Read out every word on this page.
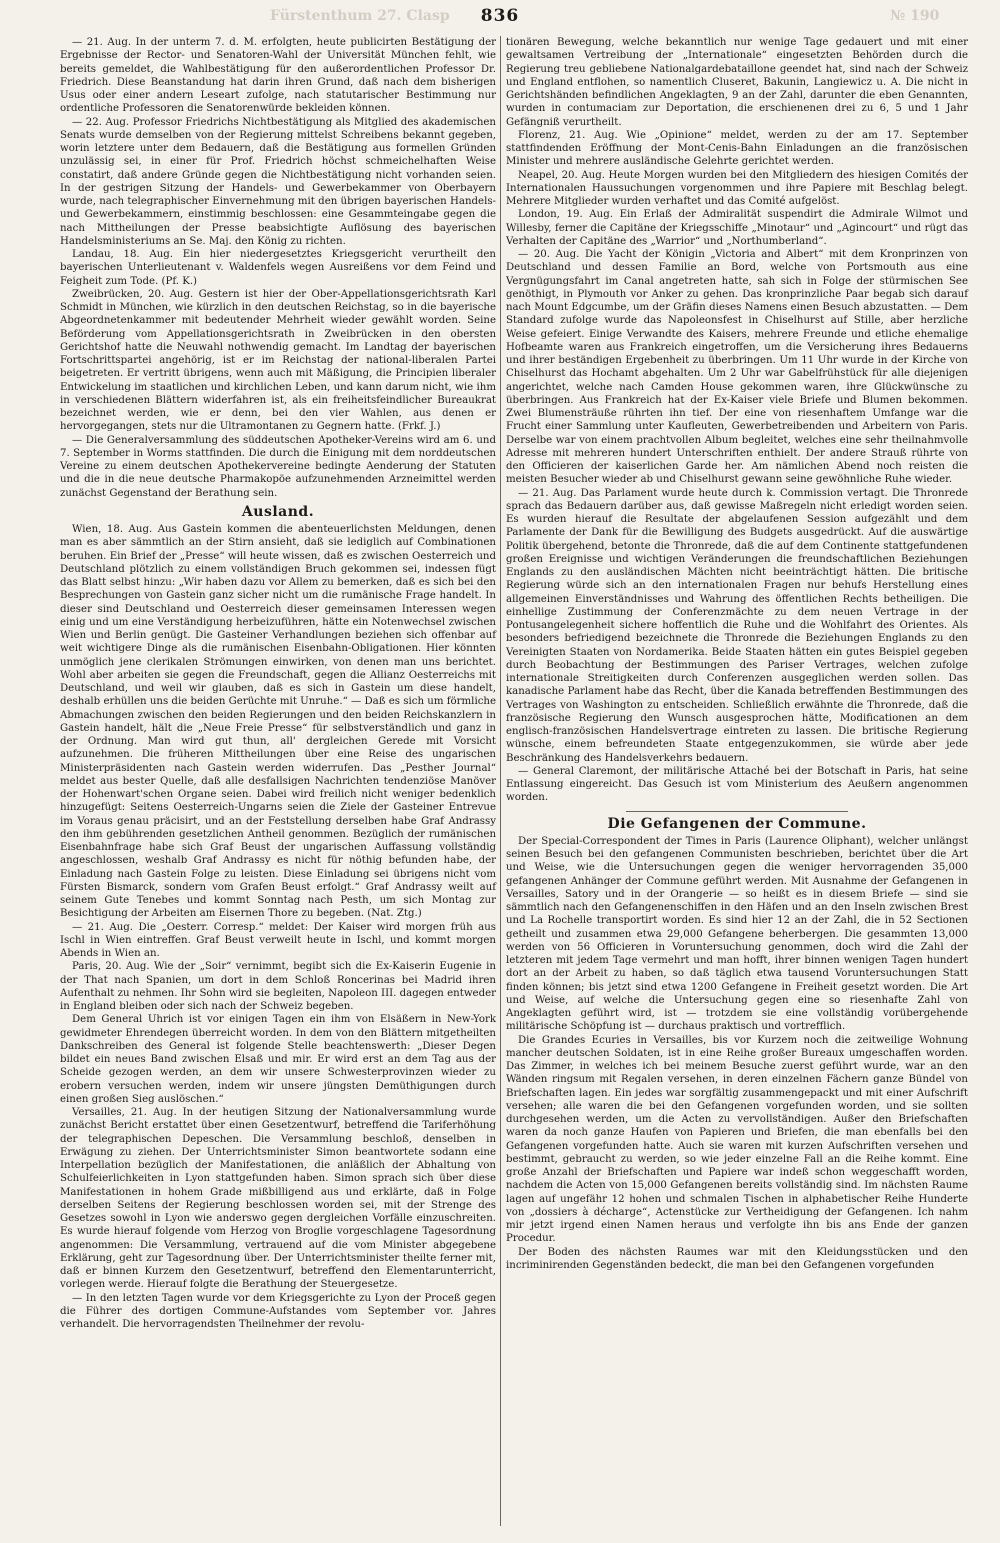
Fürstenthum 27. Clasp	№ 190
836

— 21. Aug. In der unterm 7. d. M. erfolgten, heute publicirten Bestätigung der Ergebnisse der Rector- und Senatoren-Wahl der Universität München fehlt, wie bereits gemeldet, die Wahlbestätigung für den außerordentlichen Professor Dr. Friedrich. Diese Beanstandung hat darin ihren Grund, daß nach dem bisherigen Usus oder einer andern Leseart zufolge, nach statutarischer Bestimmung nur ordentliche Professoren die Senatorenwürde bekleiden können.

— 22. Aug. Professor Friedrichs Nichtbestätigung als Mitglied des akademischen Senats wurde demselben von der Regierung mittelst Schreibens bekannt gegeben, worin letztere unter dem Bedauern, daß die Bestätigung aus formellen Gründen unzulässig sei, in einer für Prof. Friedrich höchst schmeichelhaften Weise constatirt, daß andere Gründe gegen die Nichtbestätigung nicht vorhanden seien. In der gestrigen Sitzung der Handels- und Gewerbekammer von Oberbayern wurde, nach telegraphischer Einvernehmung mit den übrigen bayerischen Handels- und Gewerbekammern, einstimmig beschlossen: eine Gesammteingabe gegen die nach Mittheilungen der Presse beabsichtigte Auflösung des bayerischen Handelsministeriums an Se. Maj. den König zu richten.

Landau, 18. Aug. Ein hier niedergesetztes Kriegsgericht verurtheilt den bayerischen Unterlieutenant v. Waldenfels wegen Ausreißens vor dem Feind und Feigheit zum Tode. (Pf. K.)

Zweibrücken, 20. Aug. Gestern ist hier der Ober-Appellationsgerichtsrath Karl Schmidt in München, wie kürzlich in den deutschen Reichstag, so in die bayerische Abgeordnetenkammer mit bedeutender Mehrheit wieder gewählt worden. Seine Beförderung vom Appellationsgerichtsrath in Zweibrücken in den obersten Gerichtshof hatte die Neuwahl nothwendig gemacht. Im Landtag der bayerischen Fortschrittspartei angehörig, ist er im Reichstag der national-liberalen Partei beigetreten. Er vertritt übrigens, wenn auch mit Mäßigung, die Principien liberaler Entwickelung im staatlichen und kirchlichen Leben, und kann darum nicht, wie ihm in verschiedenen Blättern widerfahren ist, als ein freiheitsfeindlicher Bureaukrat bezeichnet werden, wie er denn, bei den vier Wahlen, aus denen er hervorgegangen, stets nur die Ultramontanen zu Gegnern hatte. (Frkf. J.)

— Die Generalversammlung des süddeutschen Apotheker-Vereins wird am 6. und 7. September in Worms stattfinden. Die durch die Einigung mit dem norddeutschen Vereine zu einem deutschen Apothekervereine bedingte Aenderung der Statuten und die in die neue deutsche Pharmakopöe aufzunehmenden Arzneimittel werden zunächst Gegenstand der Berathung sein.

Ausland.

Wien, 18. Aug. Aus Gastein kommen die abenteuerlichsten Meldungen, denen man es aber sämmtlich an der Stirn ansieht, daß sie lediglich auf Combinationen beruhen. Ein Brief der „Presse“ will heute wissen, daß es zwischen Oesterreich und Deutschland plötzlich zu einem vollständigen Bruch gekommen sei, indessen fügt das Blatt selbst hinzu: „Wir haben dazu vor Allem zu bemerken, daß es sich bei den Besprechungen von Gastein ganz sicher nicht um die rumänische Frage handelt. In dieser sind Deutschland und Oesterreich dieser gemeinsamen Interessen wegen einig und um eine Verständigung herbeizuführen, hätte ein Notenwechsel zwischen Wien und Berlin genügt. Die Gasteiner Verhandlungen beziehen sich offenbar auf weit wichtigere Dinge als die rumänischen Eisenbahn-Obligationen. Hier könnten unmöglich jene clerikalen Strömungen einwirken, von denen man uns berichtet. Wohl aber arbeiten sie gegen die Freundschaft, gegen die Allianz Oesterreichs mit Deutschland, und weil wir glauben, daß es sich in Gastein um diese handelt, deshalb erhüllen uns die beiden Gerüchte mit Unruhe.“ — Daß es sich um förmliche Abmachungen zwischen den beiden Regierungen und den beiden Reichskanzlern in Gastein handelt, hält die „Neue Freie Presse“ für selbstverständlich und ganz in der Ordnung. Man wird gut thun, all' dergleichen Gerede mit Vorsicht aufzunehmen. Die früheren Mittheilungen über eine Reise des ungarischen Ministerpräsidenten nach Gastein werden widerrufen. Das „Pesther Journal“ meldet aus bester Quelle, daß alle desfallsigen Nachrichten tendenziöse Manöver der Hohenwart'schen Organe seien. Dabei wird freilich nicht weniger bedenklich hinzugefügt: Seitens Oesterreich-Ungarns seien die Ziele der Gasteiner Entrevue im Voraus genau präcisirt, und an der Feststellung derselben habe Graf Andrassy den ihm gebührenden gesetzlichen Antheil genommen. Bezüglich der rumänischen Eisenbahnfrage habe sich Graf Beust der ungarischen Auffassung vollständig angeschlossen, weshalb Graf Andrassy es nicht für nöthig befunden habe, der Einladung nach Gastein Folge zu leisten. Diese Einladung sei übrigens nicht vom Fürsten Bismarck, sondern vom Grafen Beust erfolgt.“ Graf Andrassy weilt auf seinem Gute Tenebes und kommt Sonntag nach Pesth, um sich Montag zur Besichtigung der Arbeiten am Eisernen Thore zu begeben. (Nat. Ztg.)

— 21. Aug. Die „Oesterr. Corresp.“ meldet: Der Kaiser wird morgen früh aus Ischl in Wien eintreffen. Graf Beust verweilt heute in Ischl, und kommt morgen Abends in Wien an.

Paris, 20. Aug. Wie der „Soir“ vernimmt, begibt sich die Ex-Kaiserin Eugenie in der That nach Spanien, um dort in dem Schloß Roncerinas bei Madrid ihren Aufenthalt zu nehmen. Ihr Sohn wird sie begleiten, Napoleon III. dagegen entweder in England bleiben oder sich nach der Schweiz begeben.

Dem General Uhrich ist vor einigen Tagen ein ihm von Elsäßern in New-York gewidmeter Ehrendegen überreicht worden. In dem von den Blättern mitgetheilten Dankschreiben des General ist folgende Stelle beachtenswerth: „Dieser Degen bildet ein neues Band zwischen Elsaß und mir. Er wird erst an dem Tag aus der Scheide gezogen werden, an dem wir unsere Schwesterprovinzen wieder zu erobern versuchen werden, indem wir unsere jüngsten Demüthigungen durch einen großen Sieg auslöschen.“

Versailles, 21. Aug. In der heutigen Sitzung der Nationalversammlung wurde zunächst Bericht erstattet über einen Gesetzentwurf, betreffend die Tariferhöhung der telegraphischen Depeschen. Die Versammlung beschloß, denselben in Erwägung zu ziehen. Der Unterrichtsminister Simon beantwortete sodann eine Interpellation bezüglich der Manifestationen, die anläßlich der Abhaltung von Schulfeierlichkeiten in Lyon stattgefunden haben. Simon sprach sich über diese Manifestationen in hohem Grade mißbilligend aus und erklärte, daß in Folge derselben Seitens der Regierung beschlossen worden sei, mit der Strenge des Gesetzes sowohl in Lyon wie anderswo gegen dergleichen Vorfälle einzuschreiten. Es wurde hierauf folgende vom Herzog von Broglie vorgeschlagene Tagesordnung angenommen: Die Versammlung, vertrauend auf die vom Minister abgegebene Erklärung, geht zur Tagesordnung über. Der Unterrichtsminister theilte ferner mit, daß er binnen Kurzem den Gesetzentwurf, betreffend den Elementarunterricht, vorlegen werde. Hierauf folgte die Berathung der Steuergesetze.

— In den letzten Tagen wurde vor dem Kriegsgerichte zu Lyon der Proceß gegen die Führer des dortigen Commune-Aufstandes vom September vor. Jahres verhandelt. Die hervorragendsten Theilnehmer der revolu-

tionären Bewegung, welche bekanntlich nur wenige Tage gedauert und mit einer gewaltsamen Vertreibung der „Internationale“ eingesetzten Behörden durch die Regierung treu gebliebene Nationalgardebataillone geendet hat, sind nach der Schweiz und England entflohen, so namentlich Cluseret, Bakunin, Langiewicz u. A. Die nicht in Gerichtshänden befindlichen Angeklagten, 9 an der Zahl, darunter die eben Genannten, wurden in contumaciam zur Deportation, die erschienenen drei zu 6, 5 und 1 Jahr Gefängniß verurtheilt.

Florenz, 21. Aug. Wie „Opinione“ meldet, werden zu der am 17. September stattfindenden Eröffnung der Mont-Cenis-Bahn Einladungen an die französischen Minister und mehrere ausländische Gelehrte gerichtet werden.

Neapel, 20. Aug. Heute Morgen wurden bei den Mitgliedern des hiesigen Comités der Internationalen Haussuchungen vorgenommen und ihre Papiere mit Beschlag belegt. Mehrere Mitglieder wurden verhaftet und das Comité aufgelöst.

London, 19. Aug. Ein Erlaß der Admiralität suspendirt die Admirale Wilmot und Willesby, ferner die Capitäne der Kriegsschiffe „Minotaur“ und „Agincourt“ und rügt das Verhalten der Capitäne des „Warrior“ und „Northumberland“.

— 20. Aug. Die Yacht der Königin „Victoria and Albert“ mit dem Kronprinzen von Deutschland und dessen Familie an Bord, welche von Portsmouth aus eine Vergnügungsfahrt im Canal angetreten hatte, sah sich in Folge der stürmischen See genöthigt, in Plymouth vor Anker zu gehen. Das kronprinzliche Paar begab sich darauf nach Mount Edgcumbe, um der Gräfin dieses Namens einen Besuch abzustatten. — Dem Standard zufolge wurde das Napoleonsfest in Chiselhurst auf Stille, aber herzliche Weise gefeiert. Einige Verwandte des Kaisers, mehrere Freunde und etliche ehemalige Hofbeamte waren aus Frankreich eingetroffen, um die Versicherung ihres Bedauerns und ihrer beständigen Ergebenheit zu überbringen. Um 11 Uhr wurde in der Kirche von Chiselhurst das Hochamt abgehalten. Um 2 Uhr war Gabelfrühstück für alle diejenigen angerichtet, welche nach Camden House gekommen waren, ihre Glückwünsche zu überbringen. Aus Frankreich hat der Ex-Kaiser viele Briefe und Blumen bekommen. Zwei Blumensträuße rührten ihn tief. Der eine von riesenhaftem Umfange war die Frucht einer Sammlung unter Kaufleuten, Gewerbetreibenden und Arbeitern von Paris. Derselbe war von einem prachtvollen Album begleitet, welches eine sehr theilnahmvolle Adresse mit mehreren hundert Unterschriften enthielt. Der andere Strauß rührte von den Officieren der kaiserlichen Garde her. Am nämlichen Abend noch reisten die meisten Besucher wieder ab und Chiselhurst gewann seine gewöhnliche Ruhe wieder.

— 21. Aug. Das Parlament wurde heute durch k. Commission vertagt. Die Thronrede sprach das Bedauern darüber aus, daß gewisse Maßregeln nicht erledigt worden seien. Es wurden hierauf die Resultate der abgelaufenen Session aufgezählt und dem Parlamente der Dank für die Bewilligung des Budgets ausgedrückt. Auf die auswärtige Politik übergehend, betonte die Thronrede, daß die auf dem Continente stattgefundenen großen Ereignisse und wichtigen Veränderungen die freundschaftlichen Beziehungen Englands zu den ausländischen Mächten nicht beeinträchtigt hätten. Die britische Regierung würde sich an den internationalen Fragen nur behufs Herstellung eines allgemeinen Einverständnisses und Wahrung des öffentlichen Rechts betheiligen. Die einhellige Zustimmung der Conferenzmächte zu dem neuen Vertrage in der Pontusangelegenheit sichere hoffentlich die Ruhe und die Wohlfahrt des Orientes. Als besonders befriedigend bezeichnete die Thronrede die Beziehungen Englands zu den Vereinigten Staaten von Nordamerika. Beide Staaten hätten ein gutes Beispiel gegeben durch Beobachtung der Bestimmungen des Pariser Vertrages, welchen zufolge internationale Streitigkeiten durch Conferenzen ausgeglichen werden sollen. Das kanadische Parlament habe das Recht, über die Kanada betreffenden Bestimmungen des Vertrages von Washington zu entscheiden. Schließlich erwähnte die Thronrede, daß die französische Regierung den Wunsch ausgesprochen hätte, Modificationen an dem englisch-französischen Handelsvertrage eintreten zu lassen. Die britische Regierung wünsche, einem befreundeten Staate entgegenzukommen, sie würde aber jede Beschränkung des Handelsverkehrs bedauern.

— General Claremont, der militärische Attaché bei der Botschaft in Paris, hat seine Entlassung eingereicht. Das Gesuch ist vom Ministerium des Aeußern angenommen worden.

Die Gefangenen der Commune.

Der Special-Correspondent der Times in Paris (Laurence Oliphant), welcher unlängst seinen Besuch bei den gefangenen Communisten beschrieben, berichtet über die Art und Weise, wie die Untersuchungen gegen die weniger hervorragenden 35,000 gefangenen Anhänger der Commune geführt werden. Mit Ausnahme der Gefangenen in Versailles, Satory und in der Orangerie — so heißt es in diesem Briefe — sind sie sämmtlich nach den Gefangenenschiffen in den Häfen und an den Inseln zwischen Brest und La Rochelle transportirt worden. Es sind hier 12 an der Zahl, die in 52 Sectionen getheilt und zusammen etwa 29,000 Gefangene beherbergen. Die gesammten 13,000 werden von 56 Officieren in Voruntersuchung genommen, doch wird die Zahl der letzteren mit jedem Tage vermehrt und man hofft, ihrer binnen wenigen Tagen hundert dort an der Arbeit zu haben, so daß täglich etwa tausend Voruntersuchungen Statt finden können; bis jetzt sind etwa 1200 Gefangene in Freiheit gesetzt worden. Die Art und Weise, auf welche die Untersuchung gegen eine so riesenhafte Zahl von Angeklagten geführt wird, ist — trotzdem sie eine vollständig vorübergehende militärische Schöpfung ist — durchaus praktisch und vortrefflich.

Die Grandes Ecuries in Versailles, bis vor Kurzem noch die zeitweilige Wohnung mancher deutschen Soldaten, ist in eine Reihe großer Bureaux umgeschaffen worden. Das Zimmer, in welches ich bei meinem Besuche zuerst geführt wurde, war an den Wänden ringsum mit Regalen versehen, in deren einzelnen Fächern ganze Bündel von Briefschaften lagen. Ein jedes war sorgfältig zusammengepackt und mit einer Aufschrift versehen; alle waren die bei den Gefangenen vorgefunden worden, und sie sollten durchgesehen werden, um die Acten zu vervollständigen. Außer den Briefschaften waren da noch ganze Haufen von Papieren und Briefen, die man ebenfalls bei den Gefangenen vorgefunden hatte. Auch sie waren mit kurzen Aufschriften versehen und bestimmt, gebraucht zu werden, so wie jeder einzelne Fall an die Reihe kommt. Eine große Anzahl der Briefschaften und Papiere war indeß schon weggeschafft worden, nachdem die Acten von 15,000 Gefangenen bereits vollständig sind. Im nächsten Raume lagen auf ungefähr 12 hohen und schmalen Tischen in alphabetischer Reihe Hunderte von „dossiers à décharge“, Actenstücke zur Vertheidigung der Gefangenen. Ich nahm mir jetzt irgend einen Namen heraus und verfolgte ihn bis ans Ende der ganzen Procedur.

Der Boden des nächsten Raumes war mit den Kleidungsstücken und den incriminirenden Gegenständen bedeckt, die man bei den Gefangenen vorgefunden
